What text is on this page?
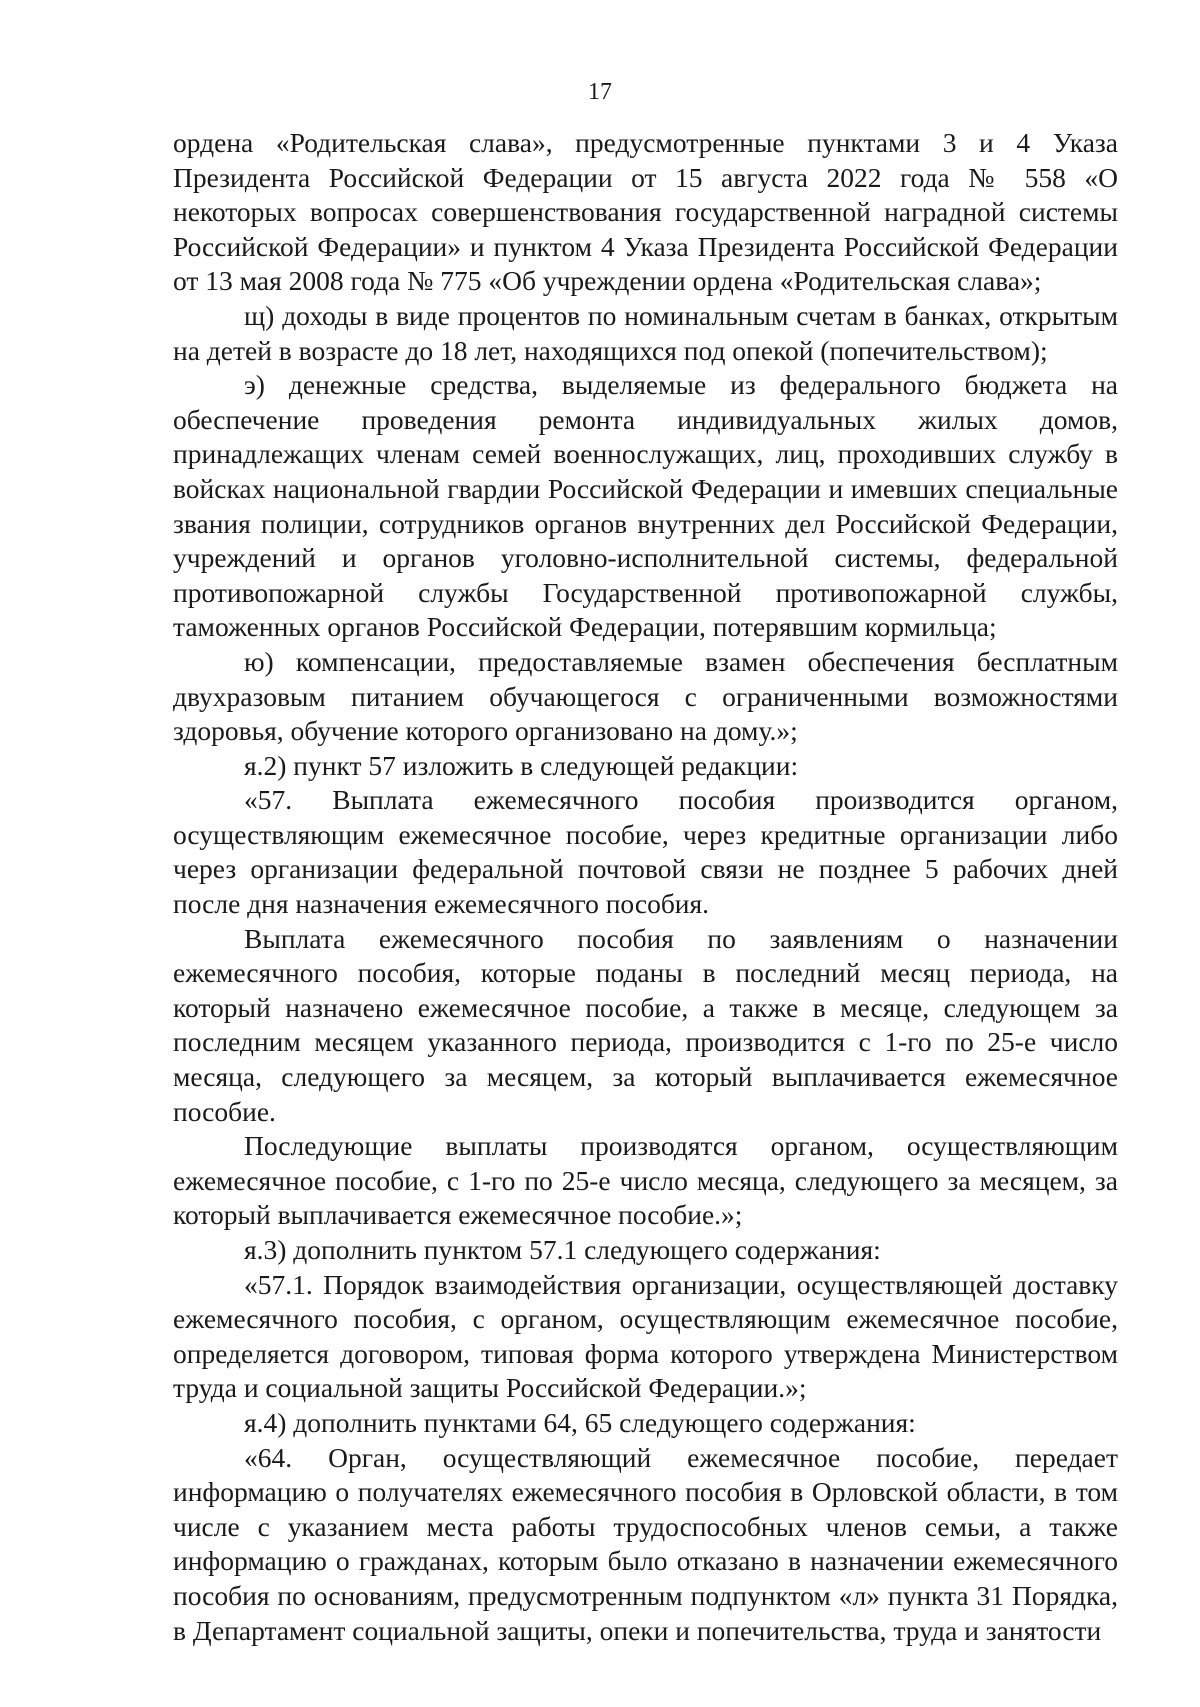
17

ордена «Родительская слава», предусмотренные пунктами 3 и 4 Указа Президента Российской Федерации от 15 августа 2022 года № 558 «О некоторых вопросах совершенствования государственной наградной системы Российской Федерации» и пунктом 4 Указа Президента Российской Федерации от 13 мая 2008 года № 775 «Об учреждении ордена «Родительская слава»;

щ) доходы в виде процентов по номинальным счетам в банках, открытым на детей в возрасте до 18 лет, находящихся под опекой (попечительством);

э) денежные средства, выделяемые из федерального бюджета на обеспечение проведения ремонта индивидуальных жилых домов, принадлежащих членам семей военнослужащих, лиц, проходивших службу в войсках национальной гвардии Российской Федерации и имевших специальные звания полиции, сотрудников органов внутренних дел Российской Федерации, учреждений и органов уголовно-исполнительной системы, федеральной противопожарной службы Государственной противопожарной службы, таможенных органов Российской Федерации, потерявшим кормильца;

ю) компенсации, предоставляемые взамен обеспечения бесплатным двухразовым питанием обучающегося с ограниченными возможностями здоровья, обучение которого организовано на дому.»;

я.2) пункт 57 изложить в следующей редакции:

«57. Выплата ежемесячного пособия производится органом, осуществляющим ежемесячное пособие, через кредитные организации либо через организации федеральной почтовой связи не позднее 5 рабочих дней после дня назначения ежемесячного пособия.

Выплата ежемесячного пособия по заявлениям о назначении ежемесячного пособия, которые поданы в последний месяц периода, на который назначено ежемесячное пособие, а также в месяце, следующем за последним месяцем указанного периода, производится с 1-го по 25-е число месяца, следующего за месяцем, за который выплачивается ежемесячное пособие.

Последующие выплаты производятся органом, осуществляющим ежемесячное пособие, с 1-го по 25-е число месяца, следующего за месяцем, за который выплачивается ежемесячное пособие.»;

я.3) дополнить пунктом 57.1 следующего содержания:

«57.1. Порядок взаимодействия организации, осуществляющей доставку ежемесячного пособия, с органом, осуществляющим ежемесячное пособие, определяется договором, типовая форма которого утверждена Министерством труда и социальной защиты Российской Федерации.»;

я.4) дополнить пунктами 64, 65 следующего содержания:

«64. Орган, осуществляющий ежемесячное пособие, передает информацию о получателях ежемесячного пособия в Орловской области, в том числе с указанием места работы трудоспособных членов семьи, а также информацию о гражданах, которым было отказано в назначении ежемесячного пособия по основаниям, предусмотренным подпунктом «л» пункта 31 Порядка, в Департамент социальной защиты, опеки и попечительства, труда и занятости
